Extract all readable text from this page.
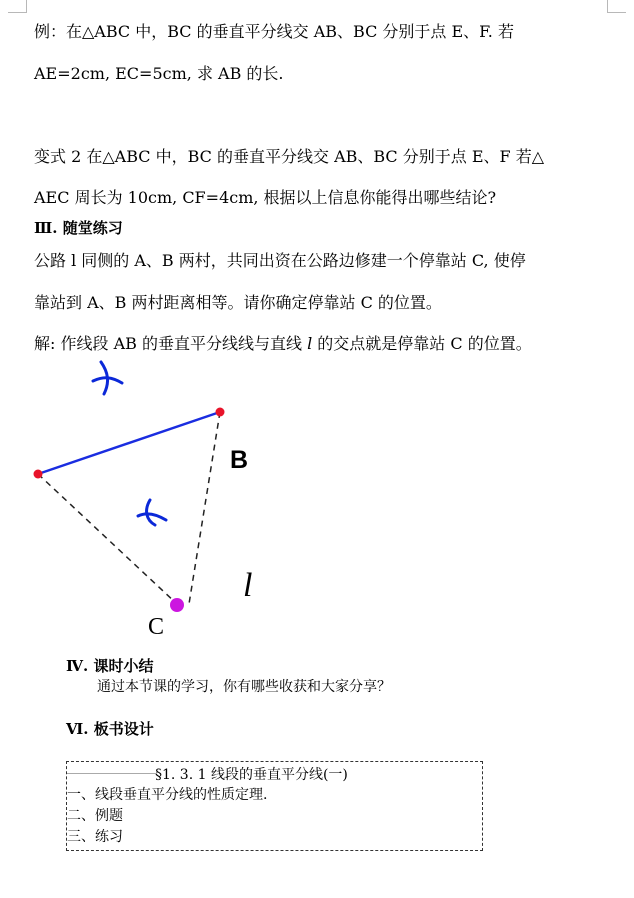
例：在△ABC 中，BC 的垂直平分线交 AB、BC 分别于点 E、F. 若
AE=2cm, EC=5cm, 求 AB 的长.
变式 2 在△ABC 中，BC 的垂直平分线交 AB、BC 分别于点 E、F 若△
AEC 周长为 10cm, CF=4cm, 根据以上信息你能得出哪些结论?
Ⅲ. 随堂练习
公路 l 同侧的 A、B 两村，共同出资在公路边修建一个停靠站 C, 使停
靠站到 A、B 两村距离相等。请你确定停靠站 C 的位置。
解: 作线段 AB 的垂直平分线线与直线 l 的交点就是停靠站 C 的位置。
B
C
l
Ⅳ. 课时小结
通过本节课的学习，你有哪些收获和大家分享？
Ⅵ. 板书设计
§1. 3. 1 线段的垂直平分线(一)
一、线段垂直平分线的性质定理.
二、例题
三、练习
